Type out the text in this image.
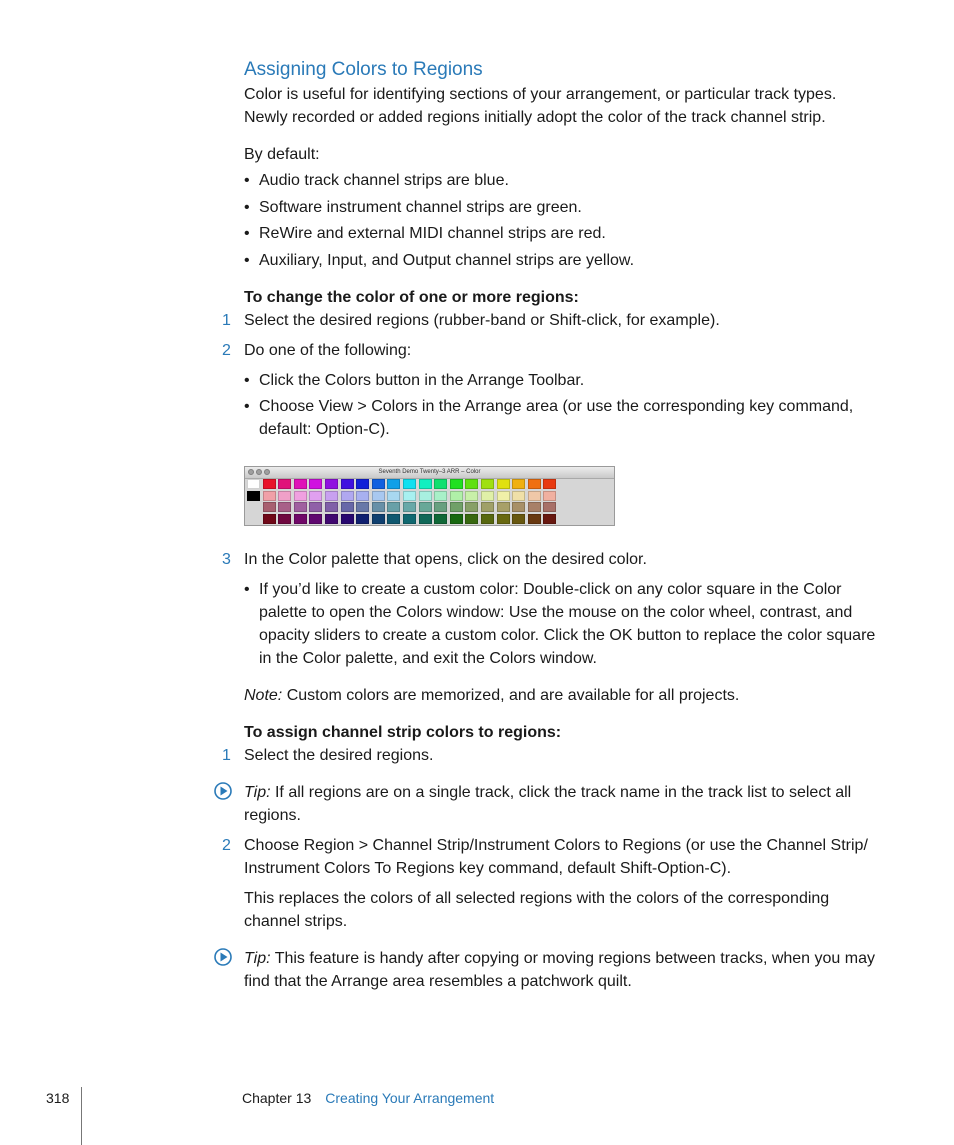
Assigning Colors to Regions
Color is useful for identifying sections of your arrangement, or particular track types. Newly recorded or added regions initially adopt the color of the track channel strip.
By default:
• Audio track channel strips are blue.
• Software instrument channel strips are green.
• ReWire and external MIDI channel strips are red.
• Auxiliary, Input, and Output channel strips are yellow.
To change the color of one or more regions:
1 Select the desired regions (rubber-band or Shift-click, for example).
2 Do one of the following:
• Click the Colors button in the Arrange Toolbar.
• Choose View > Colors in the Arrange area (or use the corresponding key command, default: Option-C).
Seventh Demo Twenty–3 ARR – Color
3 In the Color palette that opens, click on the desired color.
• If you’d like to create a custom color: Double-click on any color square in the Color palette to open the Colors window: Use the mouse on the color wheel, contrast, and opacity sliders to create a custom color. Click the OK button to replace the color square in the Color palette, and exit the Colors window.
Note: Custom colors are memorized, and are available for all projects.
To assign channel strip colors to regions:
1 Select the desired regions.
Tip: If all regions are on a single track, click the track name in the track list to select all regions.
2 Choose Region > Channel Strip/Instrument Colors to Regions (or use the Channel Strip/ Instrument Colors To Regions key command, default Shift-Option-C).
This replaces the colors of all selected regions with the colors of the corresponding channel strips.
Tip: This feature is handy after copying or moving regions between tracks, when you may find that the Arrange area resembles a patchwork quilt.
318	Chapter 13 Creating Your Arrangement
